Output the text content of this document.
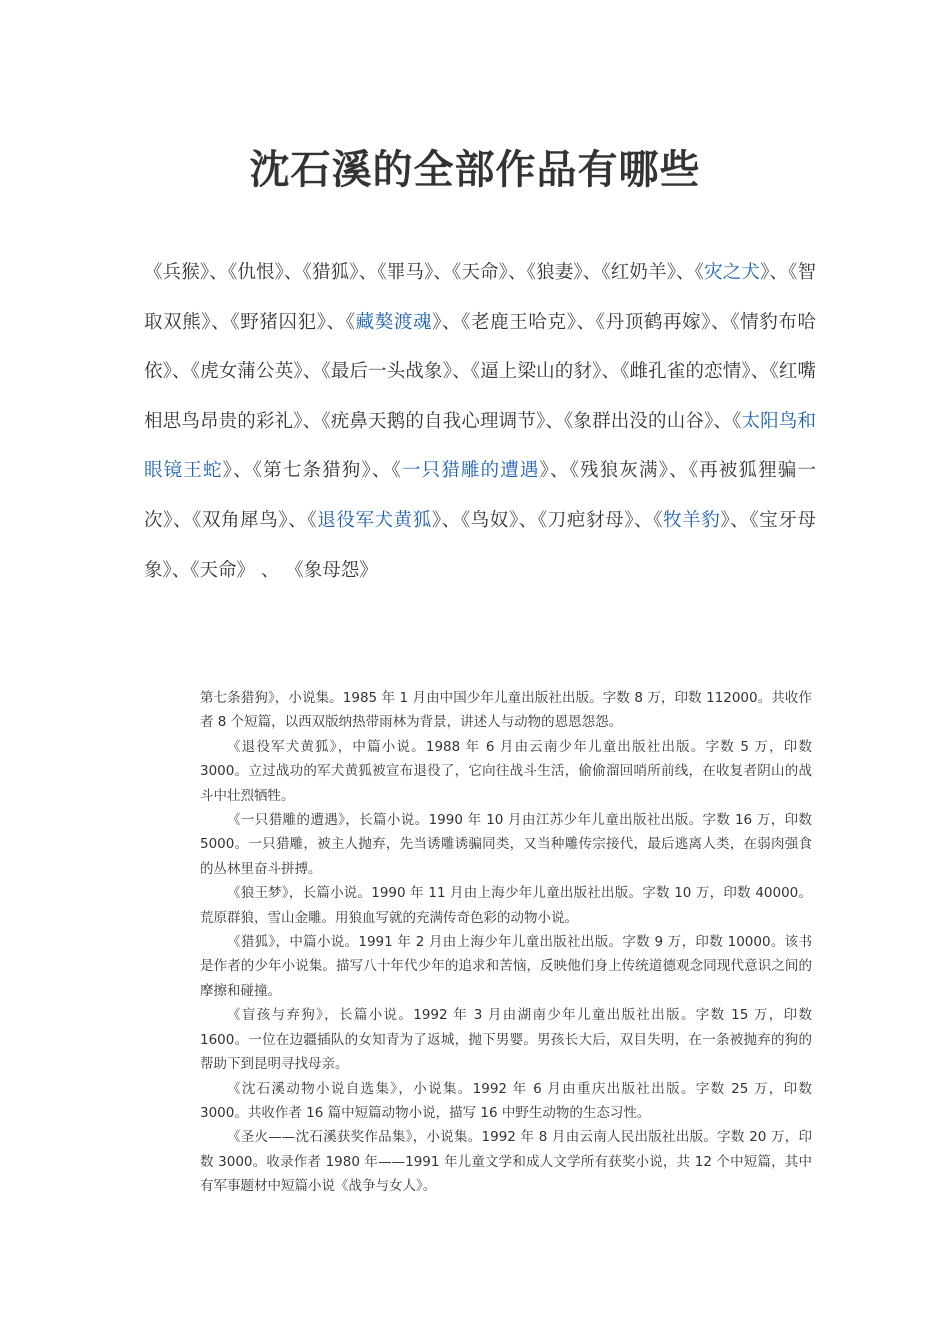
沈石溪的全部作品有哪些

《兵猴》、《仇恨》、《猎狐》、《罪马》、《天命》、《狼妻》、《红奶羊》、《灾之犬》、《智取双熊》、《野猪囚犯》、《藏獒渡魂》、《老鹿王哈克》、《丹顶鹤再嫁》、《情豹布哈依》、《虎女蒲公英》、《最后一头战象》、《逼上梁山的豺》、《雌孔雀的恋情》、《红嘴相思鸟昂贵的彩礼》、《疣鼻天鹅的自我心理调节》、《象群出没的山谷》、《太阳鸟和眼镜王蛇》、《第七条猎狗》、《一只猎雕的遭遇》、《残狼灰满》、《再被狐狸骗一次》、《双角犀鸟》、《退役军犬黄狐》、《鸟奴》、《刀疤豺母》、《牧羊豹》、《宝牙母象》、《天命》 、 《象母怨》

第七条猎狗》，小说集。1985 年 1 月由中国少年儿童出版社出版。字数 8 万，印数 112000。共收作者 8 个短篇，以西双版纳热带雨林为背景，讲述人与动物的恩恩怨怨。

《退役军犬黄狐》，中篇小说。1988 年 6 月由云南少年儿童出版社出版。字数 5 万，印数 3000。立过战功的军犬黄狐被宣布退役了，它向往战斗生活，偷偷溜回哨所前线，在收复者阴山的战斗中壮烈牺牲。

《一只猎雕的遭遇》，长篇小说。1990 年 10 月由江苏少年儿童出版社出版。字数 16 万，印数 5000。一只猎雕，被主人抛弃，先当诱雕诱骗同类，又当种雕传宗接代，最后逃离人类，在弱肉强食的丛林里奋斗拼搏。

《狼王梦》，长篇小说。1990 年 11 月由上海少年儿童出版社出版。字数 10 万，印数 40000。荒原群狼，雪山金雕。用狼血写就的充满传奇色彩的动物小说。

《猎狐》，中篇小说。1991 年 2 月由上海少年儿童出版社出版。字数 9 万，印数 10000。该书是作者的少年小说集。描写八十年代少年的追求和苦恼，反映他们身上传统道德观念同现代意识之间的摩擦和碰撞。

《盲孩与弃狗》，长篇小说。1992 年 3 月由湖南少年儿童出版社出版。字数 15 万，印数 1600。一位在边疆插队的女知青为了返城，抛下男婴。男孩长大后，双目失明，在一条被抛弃的狗的帮助下到昆明寻找母亲。

《沈石溪动物小说自选集》，小说集。1992 年 6 月由重庆出版社出版。字数 25 万，印数 3000。共收作者 16 篇中短篇动物小说，描写 16 中野生动物的生态习性。

《圣火——沈石溪获奖作品集》，小说集。1992 年 8 月由云南人民出版社出版。字数 20 万，印数 3000。收录作者 1980 年——1991 年儿童文学和成人文学所有获奖小说，共 12 个中短篇，其中有军事题材中短篇小说《战争与女人》。
